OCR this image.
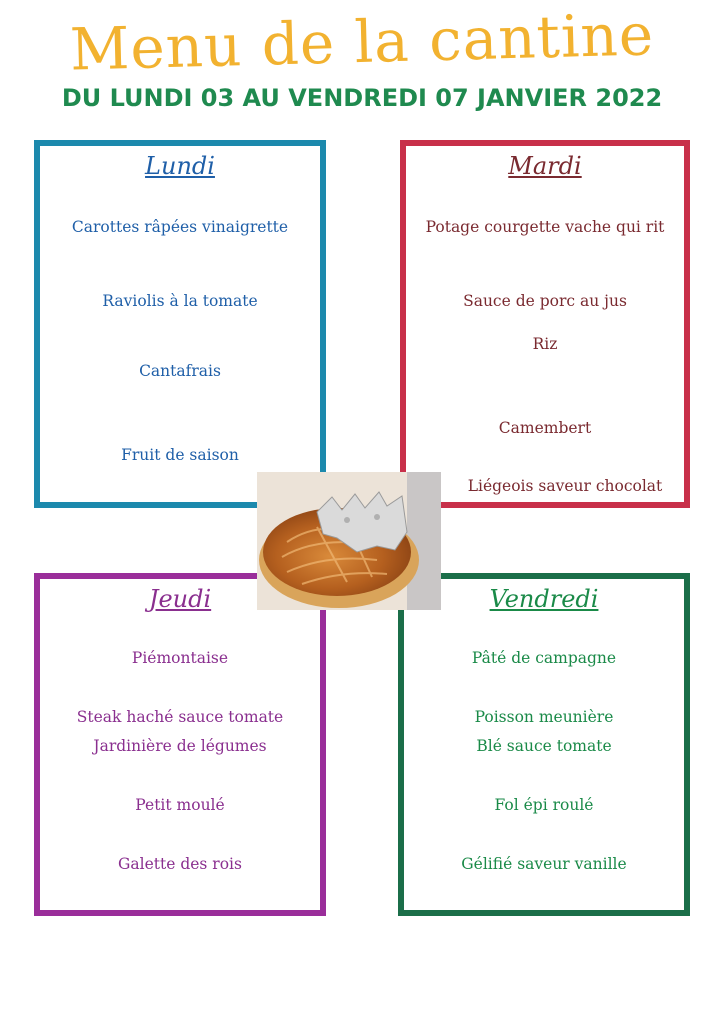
Menu de la cantine
DU LUNDI 03 AU VENDREDI 07 JANVIER 2022
Lundi
Carottes râpées vinaigrette
Raviolis à la tomate
Cantafrais
Fruit de saison
Mardi
Potage courgette vache qui rit
Sauce de porc au jus
Riz
Camembert
Liégeois saveur chocolat
Jeudi
Piémontaise
Steak haché sauce tomate
Jardinière de légumes
Petit moulé
Galette des rois
Vendredi
Pâté de campagne
Poisson meunière
Blé sauce tomate
Fol épi roulé
Gélifié saveur vanille
